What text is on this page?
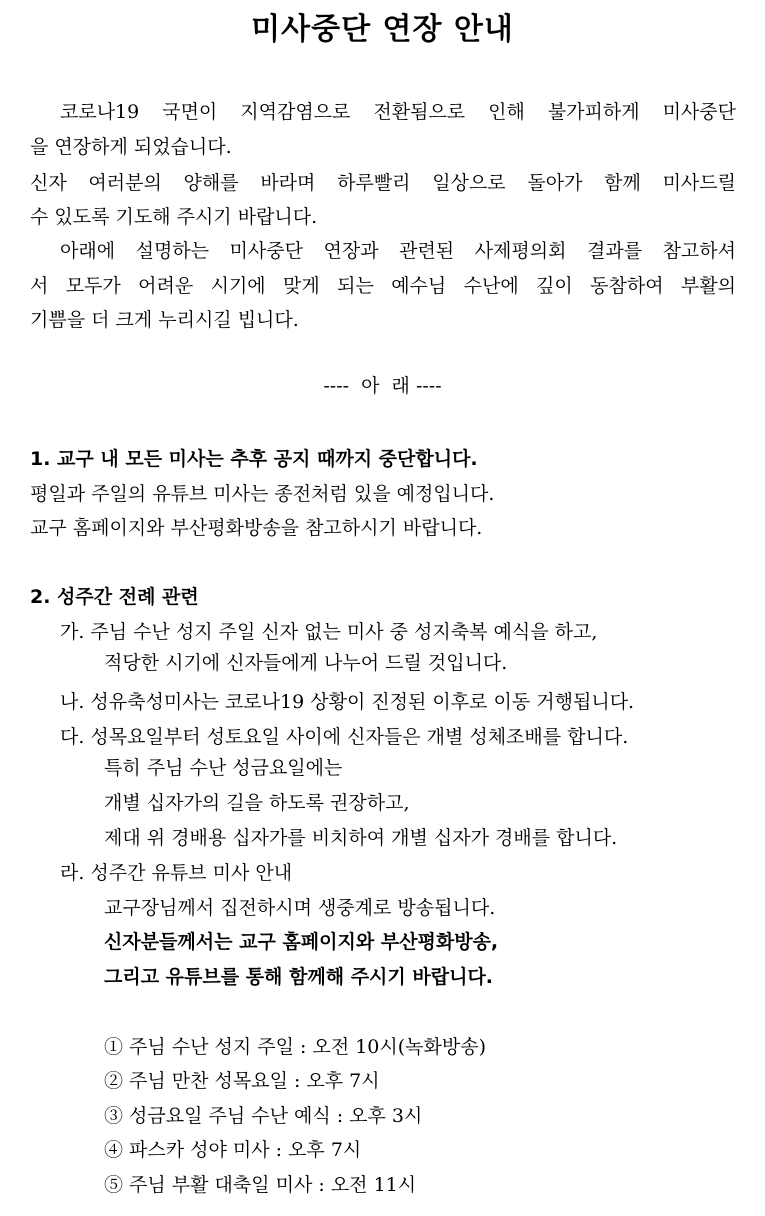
미사중단 연장 안내
코로나19 국면이 지역감염으로 전환됨으로 인해 불가피하게 미사중단
을 연장하게 되었습니다.
신자 여러분의 양해를 바라며 하루빨리 일상으로 돌아가 함께 미사드릴
수 있도록 기도해 주시기 바랍니다.
아래에 설명하는 미사중단 연장과 관련된 사제평의회 결과를 참고하셔
서 모두가 어려운 시기에 맞게 되는 예수님 수난에 깊이 동참하여 부활의
기쁨을 더 크게 누리시길 빕니다.
----  아  래 ----
1. 교구 내 모든 미사는 추후 공지 때까지 중단합니다.
평일과 주일의 유튜브 미사는 종전처럼 있을 예정입니다.
교구 홈페이지와 부산평화방송을 참고하시기 바랍니다.
2. 성주간 전례 관련
가. 주님 수난 성지 주일 신자 없는 미사 중 성지축복 예식을 하고,
적당한 시기에 신자들에게 나누어 드릴 것입니다.
나. 성유축성미사는 코로나19 상황이 진정된 이후로 이동 거행됩니다.
다. 성목요일부터 성토요일 사이에 신자들은 개별 성체조배를 합니다.
특히 주님 수난 성금요일에는
개별 십자가의 길을 하도록 권장하고,
제대 위 경배용 십자가를 비치하여 개별 십자가 경배를 합니다.
라. 성주간 유튜브 미사 안내
교구장님께서 집전하시며 생중계로 방송됩니다.
신자분들께서는 교구 홈페이지와 부산평화방송,
그리고 유튜브를 통해 함께해 주시기 바랍니다.
① 주님 수난 성지 주일 : 오전 10시(녹화방송)
② 주님 만찬 성목요일 : 오후 7시
③ 성금요일 주님 수난 예식 : 오후 3시
④ 파스카 성야 미사 : 오후 7시
⑤ 주님 부활 대축일 미사 : 오전 11시
